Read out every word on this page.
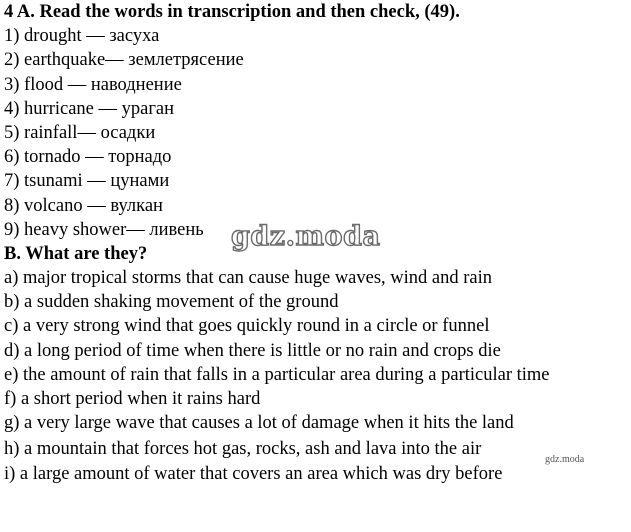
4 A. Read the words in transcription and then check, (49).
1) drought — засуха
2) earthquake— землетрясение
3) flood — наводнение
4) hurricane — ураган
5) rainfall— осадки
6) tornado — торнадо
7) tsunami — цунами
8) volcano — вулкан
9) heavy shower— ливень
B. What are they?
a) major tropical storms that can cause huge waves, wind and rain
b) a sudden shaking movement of the ground
c) a very strong wind that goes quickly round in a circle or funnel
d) a long period of time when there is little or no rain and crops die
e) the amount of rain that falls in a particular area during a particular time
f) a short period when it rains hard
g) a very large wave that causes a lot of damage when it hits the land
h) a mountain that forces hot gas, rocks, ash and lava into the air
i) a large amount of water that covers an area which was dry before
gdz.moda
gdz.moda
